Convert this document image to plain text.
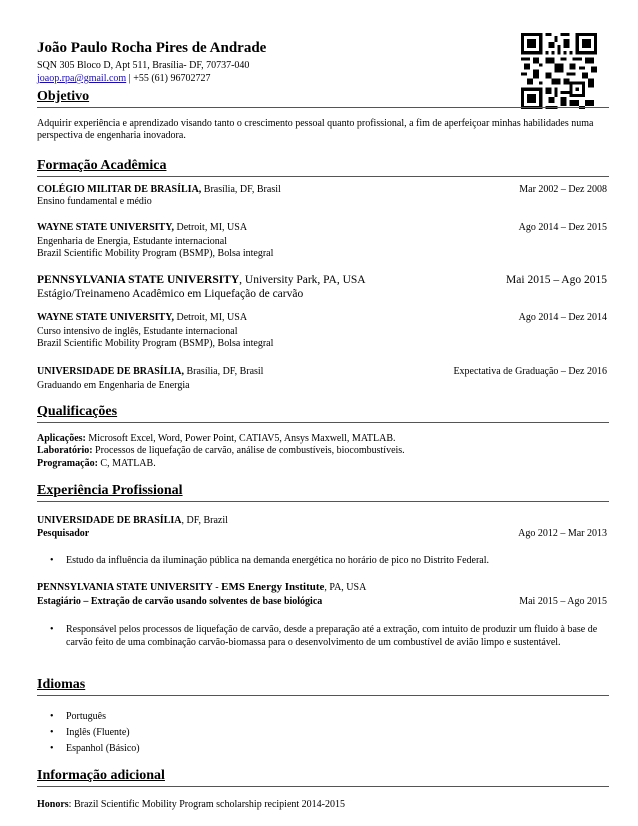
João Paulo Rocha Pires de Andrade
SQN 305 Bloco D, Apt 511, Brasília- DF, 70737-040
joaop.rpa@gmail.com | +55 (61) 96702727
Objetivo
Adquirir experiência e aprendizado visando tanto o crescimento pessoal quanto profissional, a fim de aperfeiçoar minhas habilidades numa perspectiva de engenharia inovadora.
Formação Acadêmica
COLÉGIO MILITAR DE BRASÍLIA, Brasília, DF, Brasil	Mar 2002 – Dez 2008
Ensino fundamental e médio
WAYNE STATE UNIVERSITY, Detroit, MI, USA	Ago 2014 – Dez 2015
Engenharia de Energia, Estudante internacional
Brazil Scientific Mobility Program (BSMP), Bolsa integral
PENNSYLVANIA STATE UNIVERSITY, University Park, PA, USA	Mai 2015 – Ago 2015
Estágio/Treinameno Acadêmico em Liquefação de carvão
WAYNE STATE UNIVERSITY, Detroit, MI, USA	Ago 2014 – Dez 2014
Curso intensivo de inglês, Estudante internacional
Brazil Scientific Mobility Program (BSMP), Bolsa integral
UNIVERSIDADE DE BRASÍLIA, Brasília, DF, Brasil	Expectativa de Graduação – Dez 2016
Graduando em Engenharia de Energia
Qualificações
Aplicações: Microsoft Excel, Word, Power Point, CATIAV5, Ansys Maxwell, MATLAB.
Laboratório: Processos de liquefação de carvão, análise de combustíveis, biocombustíveis.
Programação: C, MATLAB.
Experiência Profissional
UNIVERSIDADE DE BRASÍLIA, DF, Brazil
Pesquisador	Ago 2012 – Mar 2013
• Estudo da influência da iluminação pública na demanda energética no horário de pico no Distrito Federal.
PENNSYLVANIA STATE UNIVERSITY - EMS Energy Institute, PA, USA
Estagiário – Extração de carvão usando solventes de base biológica	Mai 2015 – Ago 2015
• Responsável pelos processos de liquefação de carvão, desde a preparação até a extração, com intuito de produzir um fluido à base de carvão feito de uma combinação carvão-biomassa para o desenvolvimento de um combustível de avião limpo e sustentável.
Idiomas
• Português
• Inglês (Fluente)
• Espanhol (Básico)
Informação adicional
Honors: Brazil Scientific Mobility Program scholarship recipient 2014-2015
